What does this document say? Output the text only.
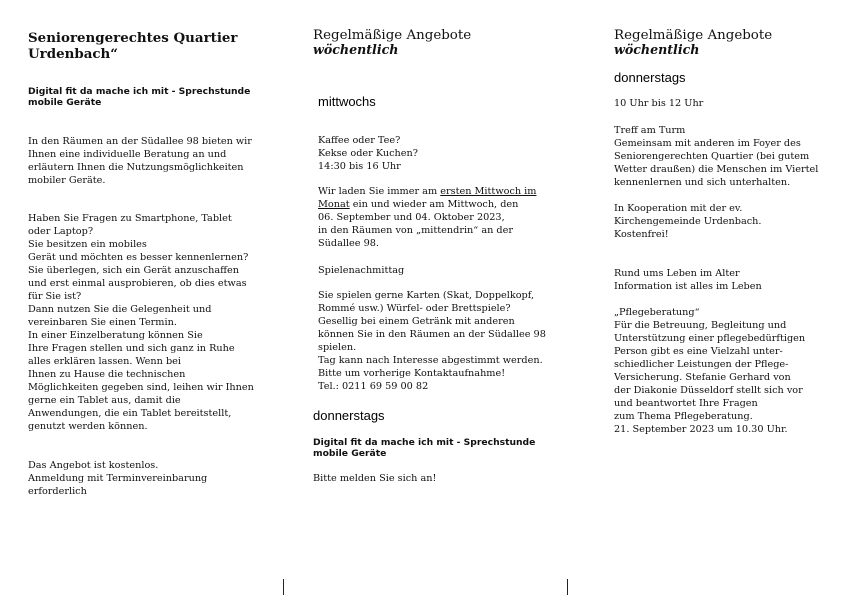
Seniorengerechtes Quartier

Urdenbach“

Digital fit da mache ich mit - Sprechstunde

mobile Geräte

In den Räumen an der Südallee 98 bieten wir
Ihnen eine individuelle Beratung an und
erläutern Ihnen die Nutzungsmöglichkeiten
mobiler Geräte.
Haben Sie Fragen zu Smartphone, Tablet
oder Laptop?
Sie besitzen ein mobiles
Gerät und möchten es besser kennenlernen?
Sie überlegen, sich ein Gerät anzuschaffen
und erst einmal ausprobieren, ob dies etwas
für Sie ist?
Dann nutzen Sie die Gelegenheit und
vereinbaren Sie einen Termin.
In einer Einzelberatung können Sie
Ihre Fragen stellen und sich ganz in Ruhe
alles erklären lassen. Wenn bei
Ihnen zu Hause die technischen
Möglichkeiten gegeben sind, leihen wir Ihnen
gerne ein Tablet aus, damit die
Anwendungen, die ein Tablet bereitstellt,
genutzt werden können.
Das Angebot ist kostenlos.
Anmeldung mit Terminvereinbarung
erforderlich

Regelmäßige Angebote

wöchentlich

mittwochs

Kaffee oder Tee?
Kekse oder Kuchen?
14:30 bis 16 Uhr
Wir laden Sie immer am ersten Mittwoch im
Monat ein und wieder am Mittwoch, den
06. September und 04. Oktober 2023,
in den Räumen von „mittendrin“ an der
Südallee 98.

Spielenachmittag

Sie spielen gerne Karten (Skat, Doppelkopf,
Rommé usw.) Würfel- oder Brettspiele?
Gesellig bei einem Getränk mit anderen
können Sie in den Räumen an der Südallee 98
spielen.
Tag kann nach Interesse abgestimmt werden.
Bitte um vorherige Kontaktaufnahme!
Tel.: 0211 69 59 00 82

donnerstags

Digital fit da mache ich mit - Sprechstunde

mobile Geräte

Bitte melden Sie sich an!

Regelmäßige Angebote

wöchentlich

donnerstags

10 Uhr bis 12 Uhr

Treff am Turm
Gemeinsam mit anderen im Foyer des
Seniorengerechten Quartier (bei gutem
Wetter draußen) die Menschen im Viertel
kennenlernen und sich unterhalten.
In Kooperation mit der ev.
Kirchengemeinde Urdenbach.
Kostenfrei!
Rund ums Leben im Alter
Information ist alles im Leben
„Pflegeberatung“
Für die Betreuung, Begleitung und
Unterstützung einer pflegebedürftigen
Person gibt es eine Vielzahl unter-
schiedlicher Leistungen der Pflege-
Versicherung. Stefanie Gerhard von
der Diakonie Düsseldorf stellt sich vor
und beantwortet Ihre Fragen
zum Thema Pflegeberatung.
21. September 2023 um 10.30 Uhr.
